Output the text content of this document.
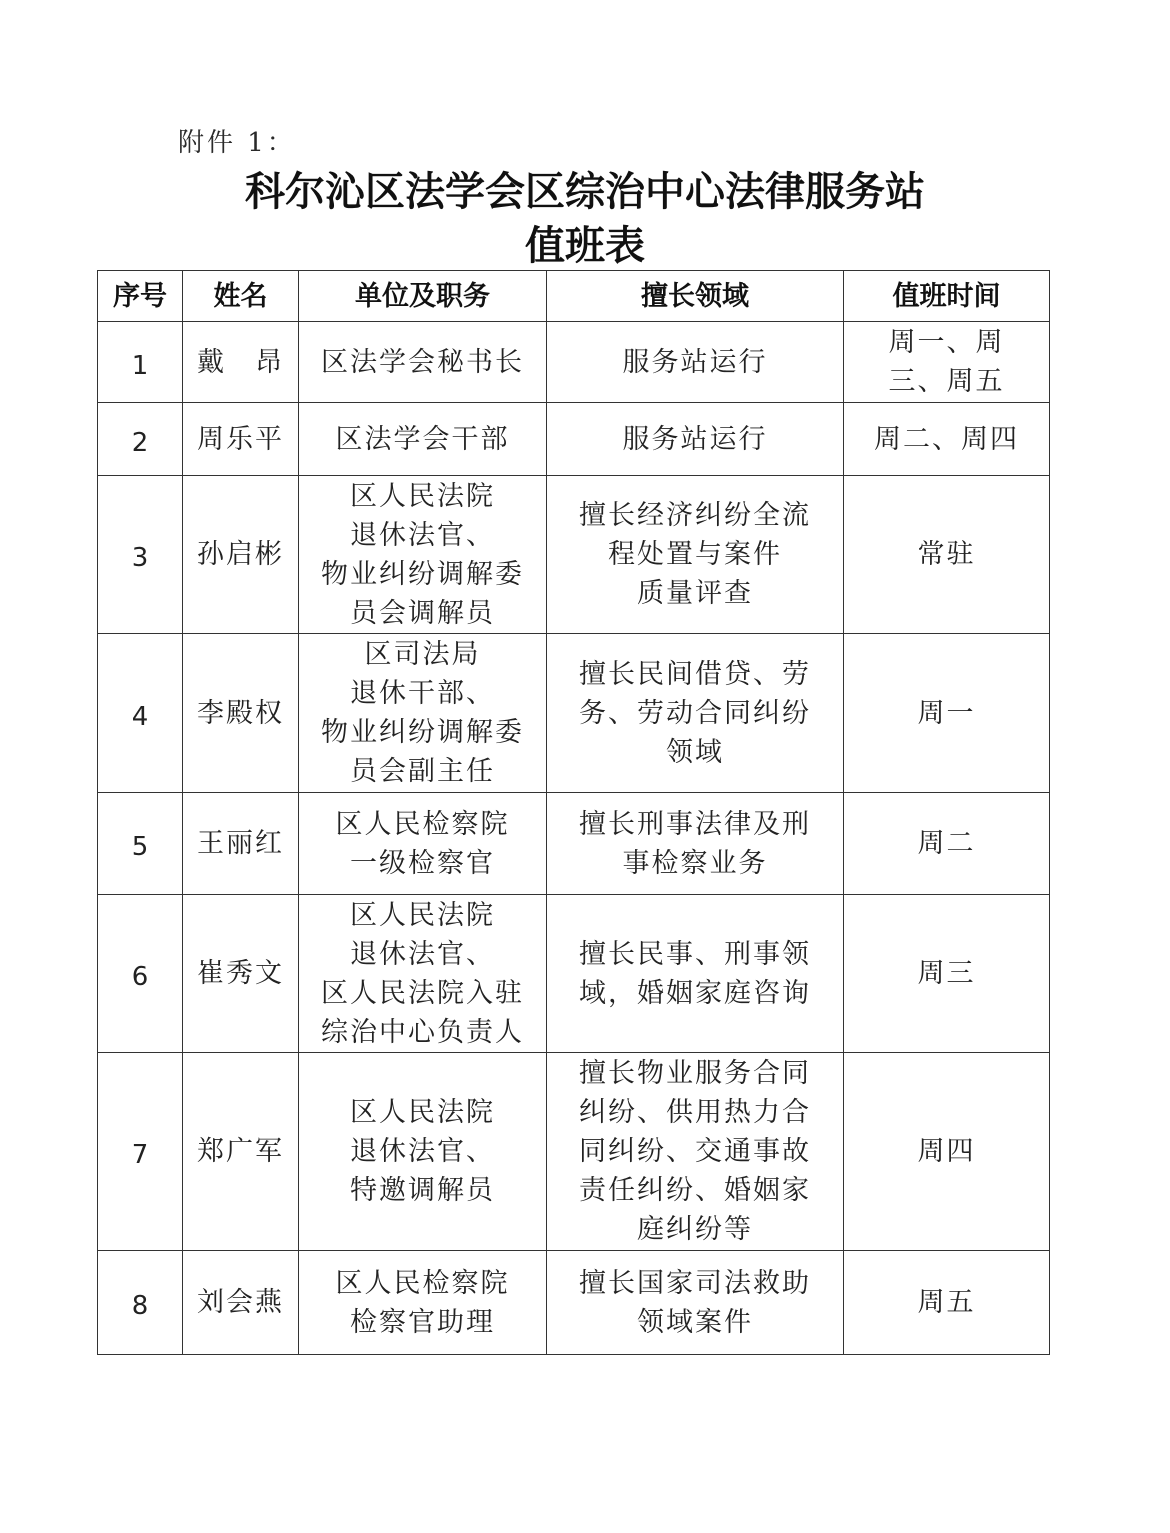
附件 1：
科尔沁区法学会区综治中心法律服务站
值班表
序号	姓名	单位及职务	擅长领域	值班时间
1	戴　昂	区法学会秘书长	服务站运行	周一、周
三、周五
2	周乐平	区法学会干部	服务站运行	周二、周四
3	孙启彬	区人民法院
退休法官、
物业纠纷调解委
员会调解员	擅长经济纠纷全流
程处置与案件
质量评查	常驻
4	李殿权	区司法局
退休干部、
物业纠纷调解委
员会副主任	擅长民间借贷、劳
务、劳动合同纠纷
领域	周一
5	王丽红	区人民检察院
一级检察官	擅长刑事法律及刑
事检察业务	周二
6	崔秀文	区人民法院
退休法官、
区人民法院入驻
综治中心负责人	擅长民事、刑事领
域，婚姻家庭咨询	周三
7	郑广军	区人民法院
退休法官、
特邀调解员	擅长物业服务合同
纠纷、供用热力合
同纠纷、交通事故
责任纠纷、婚姻家
庭纠纷等	周四
8	刘会燕	区人民检察院
检察官助理	擅长国家司法救助
领域案件	周五
